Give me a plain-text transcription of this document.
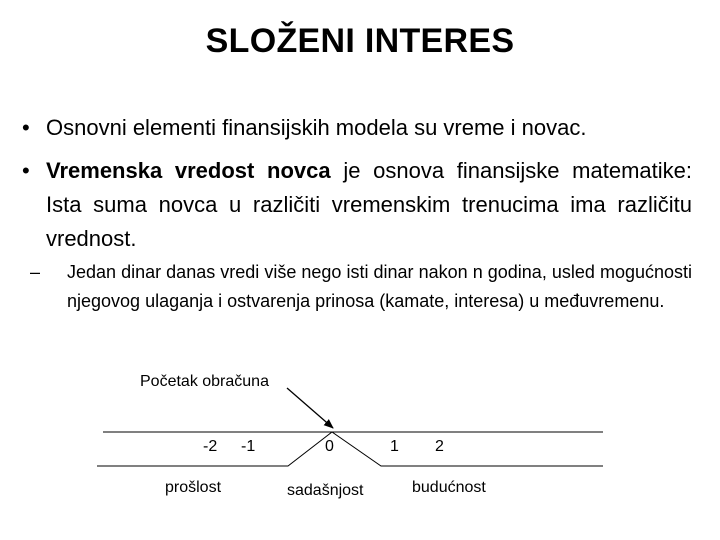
SLOŽENI INTERES
• Osnovni elementi finansijskih modela su vreme i novac.
• Vremenska vredost novca je osnova finansijske matematike: Ista suma novca u različiti vremenskim trenucima ima različitu vrednost.
– Jedan dinar danas vredi više nego isti dinar nakon n godina, usled mogućnosti njegovog ulaganja i ostvarenja prinosa (kamate, interesa) u međuvremenu.
Početak obračuna
-2 -1	0	1 2
prošlost	sadašnjost	budućnost
